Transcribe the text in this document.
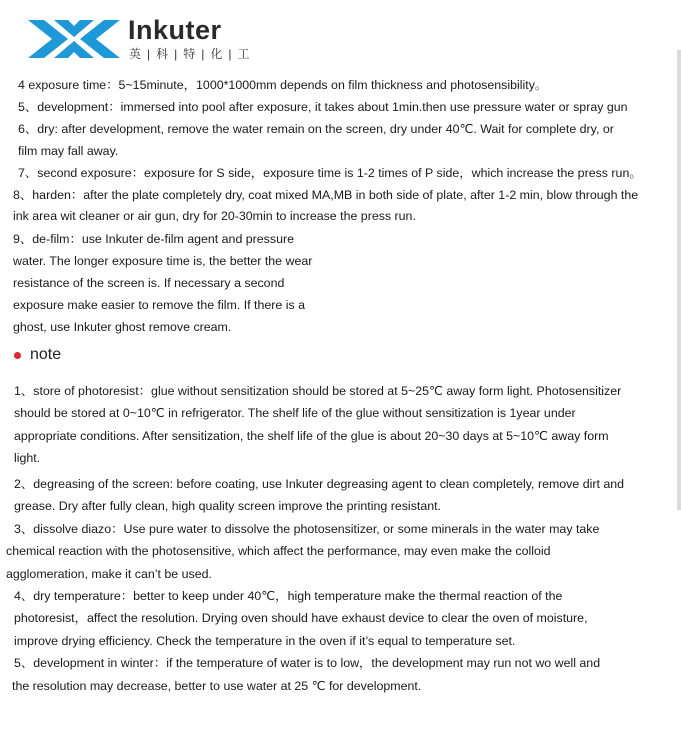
Inkuter
英|科|特|化|工
4 exposure time：5~15minute，1000*1000mm depends on film thickness and photosensibility。
5、development：immersed into pool after exposure, it takes about 1min.then use pressure water or spray gun
6、dry: after development, remove the water remain on the screen, dry under 40℃. Wait for complete dry, or
film may fall away.
7、second exposure：exposure for S side，exposure time is 1-2 times of P side，which increase the press run。
8、harden：after the plate completely dry, coat mixed MA,MB in both side of plate, after 1-2 min, blow through the
ink area wit cleaner or air gun, dry for 20-30min to increase the press run.
9、de-film：use Inkuter de-film agent and pressure
water. The longer exposure time is, the better the wear
resistance of the screen is. If necessary a second
exposure make easier to remove the film. If there is a
ghost, use Inkuter ghost remove cream.
note
1、store of photoresist：glue without sensitization should be stored at 5~25℃ away form light. Photosensitizer
should be stored at 0~10℃ in refrigerator. The shelf life of the glue without sensitization is 1year under
appropriate conditions. After sensitization, the shelf life of the glue is about 20~30 days at 5~10℃ away form
light.
2、degreasing of the screen: before coating, use Inkuter degreasing agent to clean completely, remove dirt and
grease. Dry after fully clean, high quality screen improve the printing resistant.
3、dissolve diazo：Use pure water to dissolve the photosensitizer, or some minerals in the water may take
chemical reaction with the photosensitive, which affect the performance, may even make the colloid
agglomeration, make it can’t be used.
4、dry temperature：better to keep under 40℃，high temperature make the thermal reaction of the
photoresist，affect the resolution. Drying oven should have exhaust device to clear the oven of moisture,
improve drying efficiency. Check the temperature in the oven if it’s equal to temperature set.
5、development in winter：if the temperature of water is to low，the development may run not wo well and
the resolution may decrease, better to use water at 25 ℃ for development.
